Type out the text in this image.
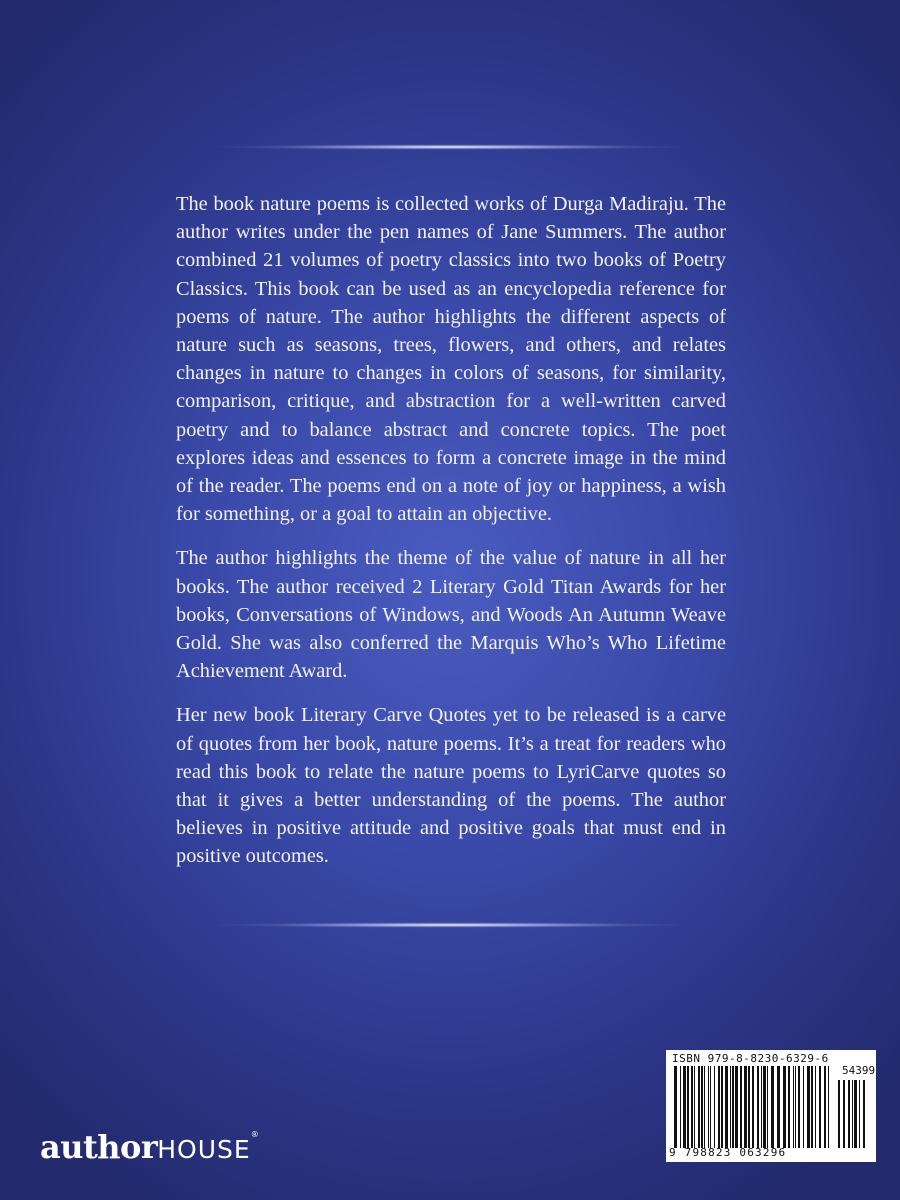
The book nature poems is collected works of Durga Madiraju. The author writes under the pen names of Jane Summers. The author combined 21 volumes of poetry classics into two books of Poetry Classics. This book can be used as an encyclopedia reference for poems of nature. The author highlights the different aspects of nature such as seasons, trees, flowers, and others, and relates changes in nature to changes in colors of seasons, for similarity, comparison, critique, and abstraction for a well-written carved poetry and to balance abstract and concrete topics. The poet explores ideas and essences to form a concrete image in the mind of the reader. The poems end on a note of joy or happiness, a wish for something, or a goal to attain an objective.

The author highlights the theme of the value of nature in all her books. The author received 2 Literary Gold Titan Awards for her books, Conversations of Windows, and Woods An Autumn Weave Gold. She was also conferred the Marquis Who’s Who Lifetime Achievement Award.

Her new book Literary Carve Quotes yet to be released is a carve of quotes from her book, nature poems. It’s a treat for readers who read this book to relate the nature poems to LyriCarve quotes so that it gives a better understanding of the poems. The author believes in positive attitude and positive goals that must end in positive outcomes.

authorHOUSE®
ISBN 979-8-8230-6329-6
54399
9 798823 063296
